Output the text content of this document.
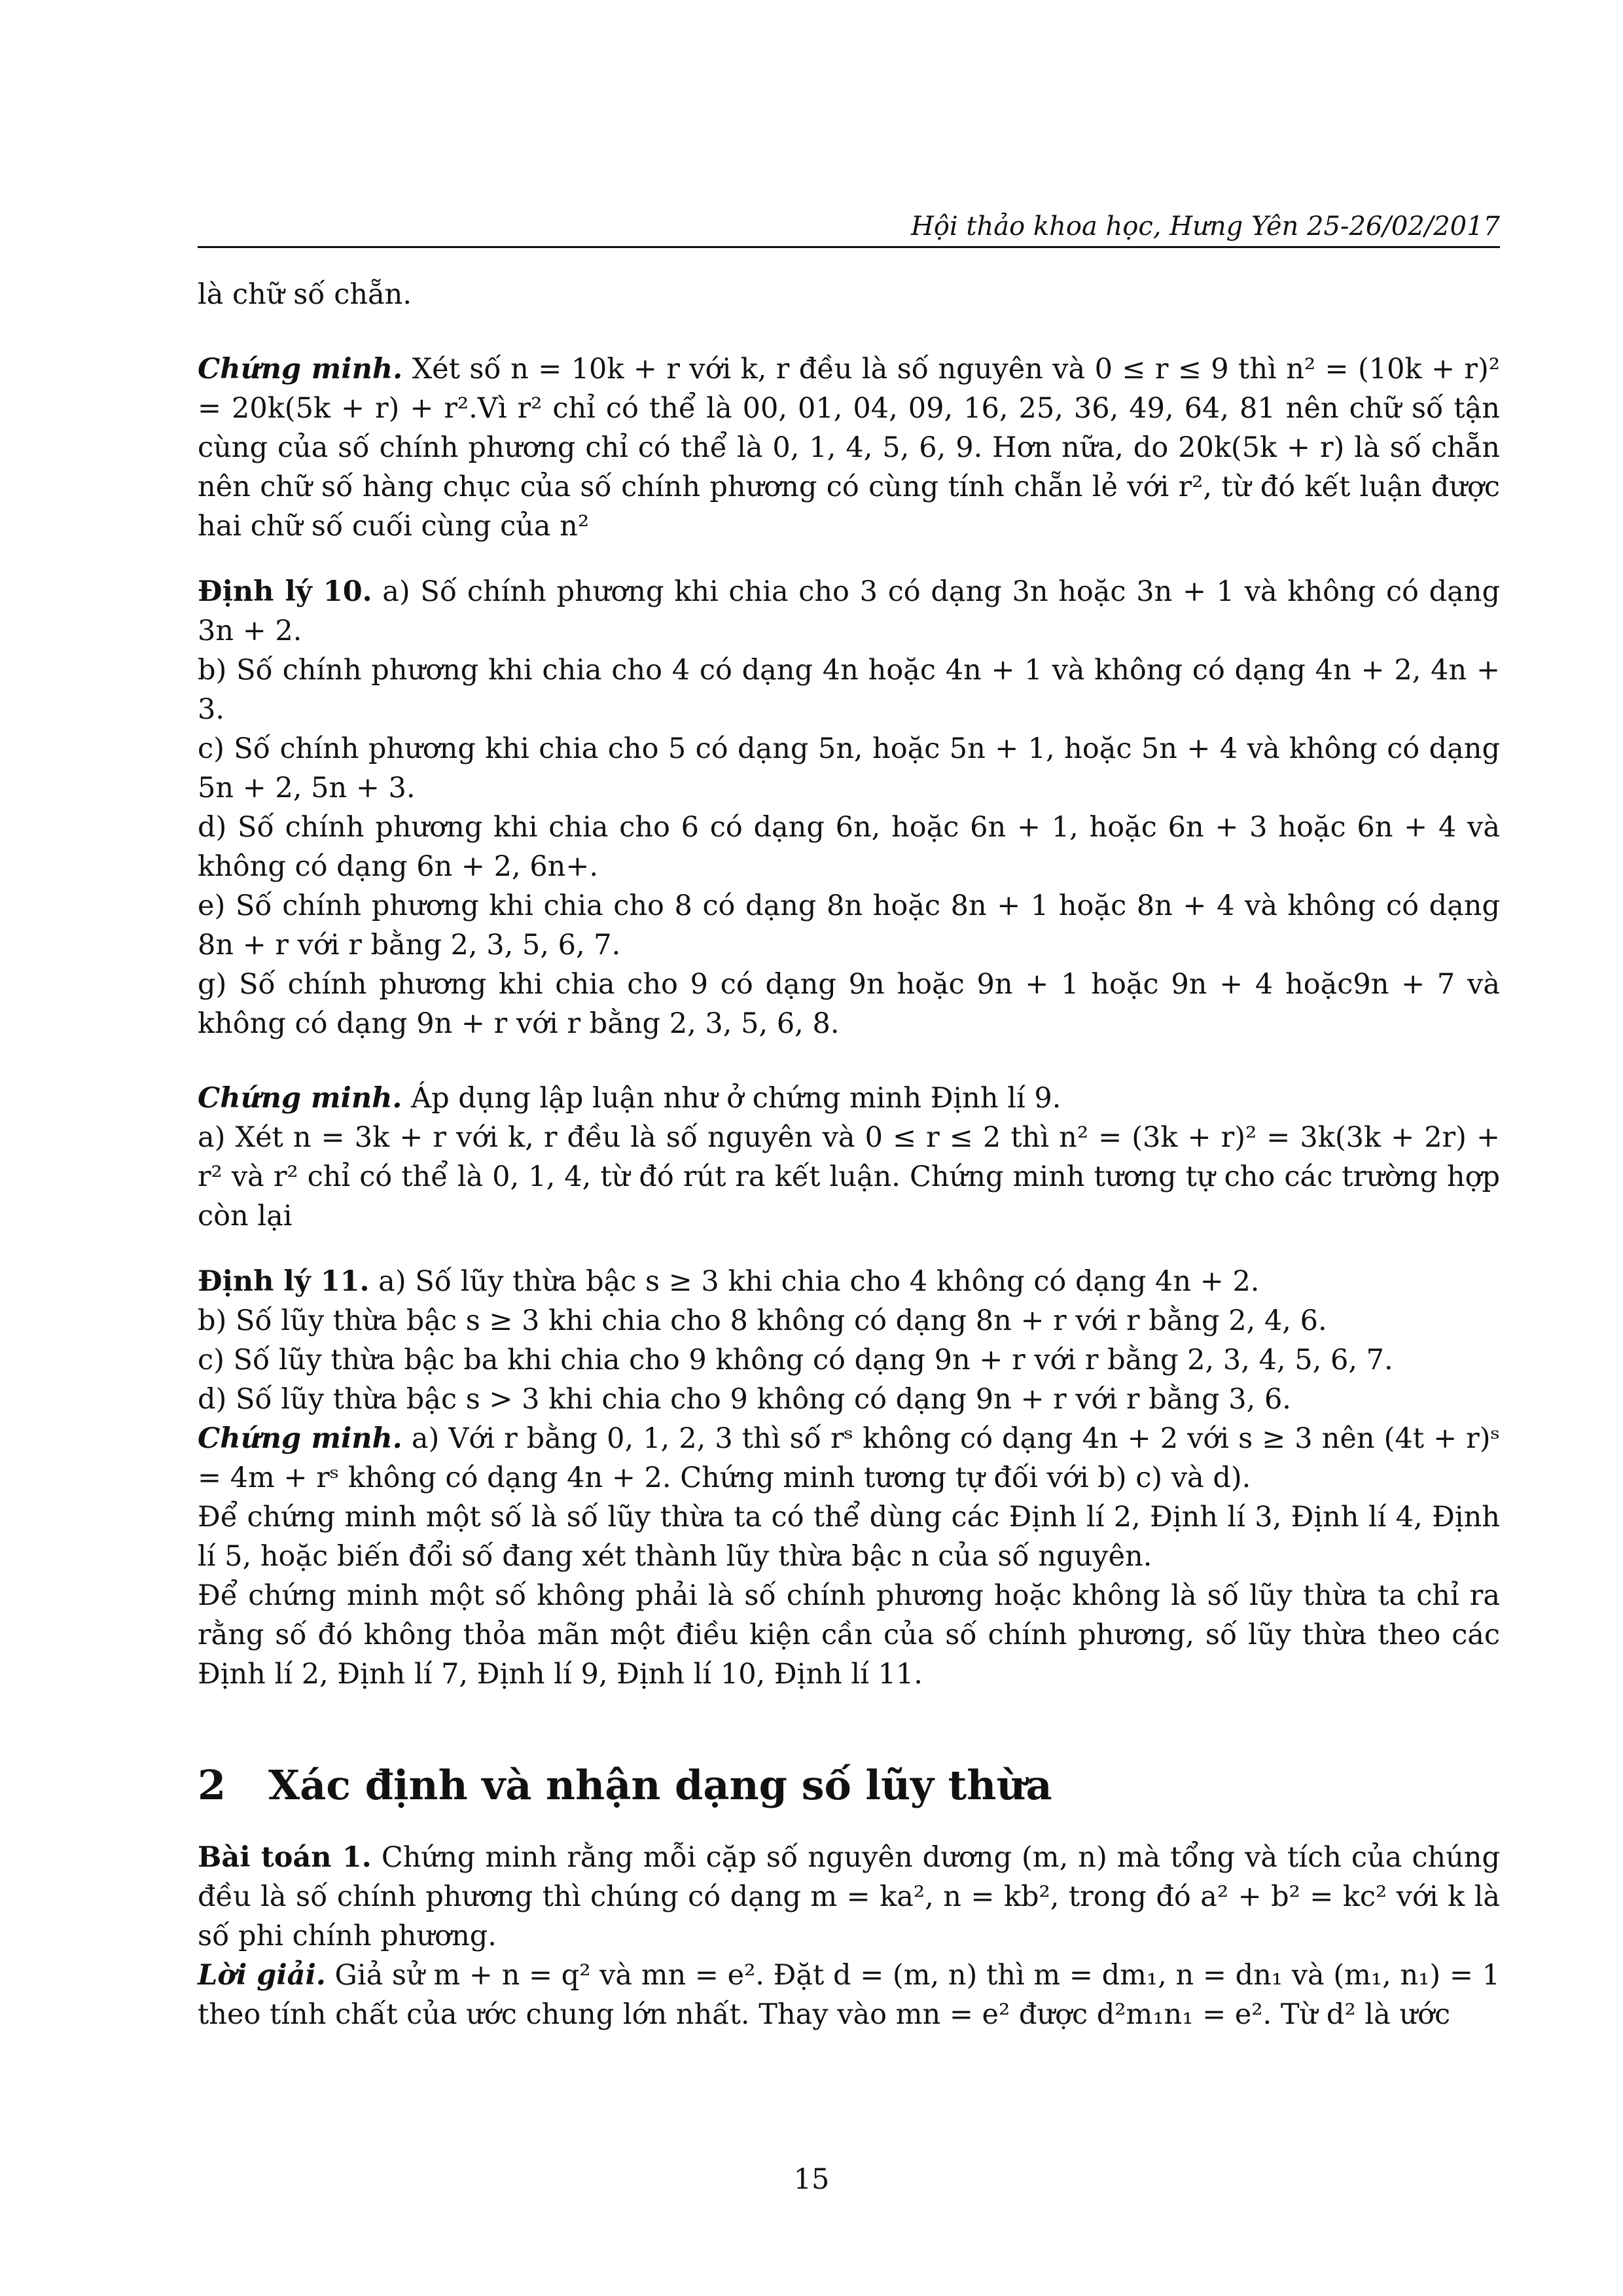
Hội thảo khoa học, Hưng Yên 25-26/02/2017

là chữ số chẵn.

Chứng minh. Xét số n = 10k + r với k, r đều là số nguyên và 0 ≤ r ≤ 9 thì n² = (10k + r)² = 20k(5k + r) + r².Vì r² chỉ có thể là 00, 01, 04, 09, 16, 25, 36, 49, 64, 81 nên chữ số tận cùng của số chính phương chỉ có thể là 0, 1, 4, 5, 6, 9. Hơn nữa, do 20k(5k + r) là số chẵn nên chữ số hàng chục của số chính phương có cùng tính chẵn lẻ với r², từ đó kết luận được hai chữ số cuối cùng của n²

Định lý 10. a) Số chính phương khi chia cho 3 có dạng 3n hoặc 3n + 1 và không có dạng 3n + 2.

b) Số chính phương khi chia cho 4 có dạng 4n hoặc 4n + 1 và không có dạng 4n + 2, 4n + 3.

c) Số chính phương khi chia cho 5 có dạng 5n, hoặc 5n + 1, hoặc 5n + 4 và không có dạng 5n + 2, 5n + 3.

d) Số chính phương khi chia cho 6 có dạng 6n, hoặc 6n + 1, hoặc 6n + 3 hoặc 6n + 4 và không có dạng 6n + 2, 6n+.

e) Số chính phương khi chia cho 8 có dạng 8n hoặc 8n + 1 hoặc 8n + 4 và không có dạng 8n + r với r bằng 2, 3, 5, 6, 7.

g) Số chính phương khi chia cho 9 có dạng 9n hoặc 9n + 1 hoặc 9n + 4 hoặc9n + 7 và không có dạng 9n + r với r bằng 2, 3, 5, 6, 8.

Chứng minh. Áp dụng lập luận như ở chứng minh Định lí 9.

a) Xét n = 3k + r với k, r đều là số nguyên và 0 ≤ r ≤ 2 thì n² = (3k + r)² = 3k(3k + 2r) + r² và r² chỉ có thể là 0, 1, 4, từ đó rút ra kết luận. Chứng minh tương tự cho các trường hợp còn lại

Định lý 11. a) Số lũy thừa bậc s ≥ 3 khi chia cho 4 không có dạng 4n + 2.

b) Số lũy thừa bậc s ≥ 3 khi chia cho 8 không có dạng 8n + r với r bằng 2, 4, 6.

c) Số lũy thừa bậc ba khi chia cho 9 không có dạng 9n + r với r bằng 2, 3, 4, 5, 6, 7.

d) Số lũy thừa bậc s > 3 khi chia cho 9 không có dạng 9n + r với r bằng 3, 6.

Chứng minh. a) Với r bằng 0, 1, 2, 3 thì số rˢ không có dạng 4n + 2 với s ≥ 3 nên (4t + r)ˢ = 4m + rˢ không có dạng 4n + 2. Chứng minh tương tự đối với b) c) và d).

Để chứng minh một số là số lũy thừa ta có thể dùng các Định lí 2, Định lí 3, Định lí 4, Định lí 5, hoặc biến đổi số đang xét thành lũy thừa bậc n của số nguyên.

Để chứng minh một số không phải là số chính phương hoặc không là số lũy thừa ta chỉ ra rằng số đó không thỏa mãn một điều kiện cần của số chính phương, số lũy thừa theo các Định lí 2, Định lí 7, Định lí 9, Định lí 10, Định lí 11.

2 Xác định và nhận dạng số lũy thừa

Bài toán 1. Chứng minh rằng mỗi cặp số nguyên dương (m, n) mà tổng và tích của chúng đều là số chính phương thì chúng có dạng m = ka², n = kb², trong đó a² + b² = kc² với k là số phi chính phương.

Lời giải. Giả sử m + n = q² và mn = e². Đặt d = (m, n) thì m = dm₁, n = dn₁ và (m₁, n₁) = 1 theo tính chất của ước chung lớn nhất. Thay vào mn = e² được d²m₁n₁ = e². Từ d² là ước

15
